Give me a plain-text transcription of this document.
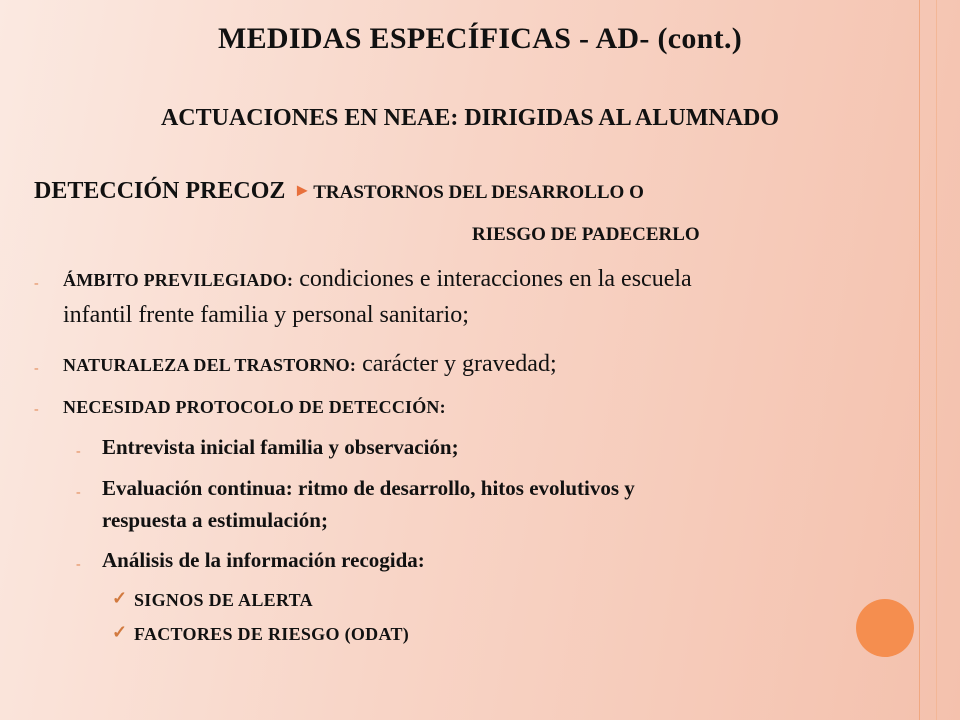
MEDIDAS ESPECÍFICAS - AD- (cont.)
ACTUACIONES EN NEAE: DIRIGIDAS AL ALUMNADO
DETECCIÓN PRECOZ ► TRASTORNOS DEL DESARROLLO O
RIESGO DE PADECERLO
- ÁMBITO PREVILEGIADO: condiciones e interacciones en la escuela
infantil frente familia y personal sanitario;
- NATURALEZA DEL TRASTORNO: carácter y gravedad;
- NECESIDAD PROTOCOLO DE DETECCIÓN:
- Entrevista inicial familia y observación;
- Evaluación continua: ritmo de desarrollo, hitos evolutivos y
respuesta a estimulación;
- Análisis de la información recogida:
✓ SIGNOS DE ALERTA
✓ FACTORES DE RIESGO (ODAT)
